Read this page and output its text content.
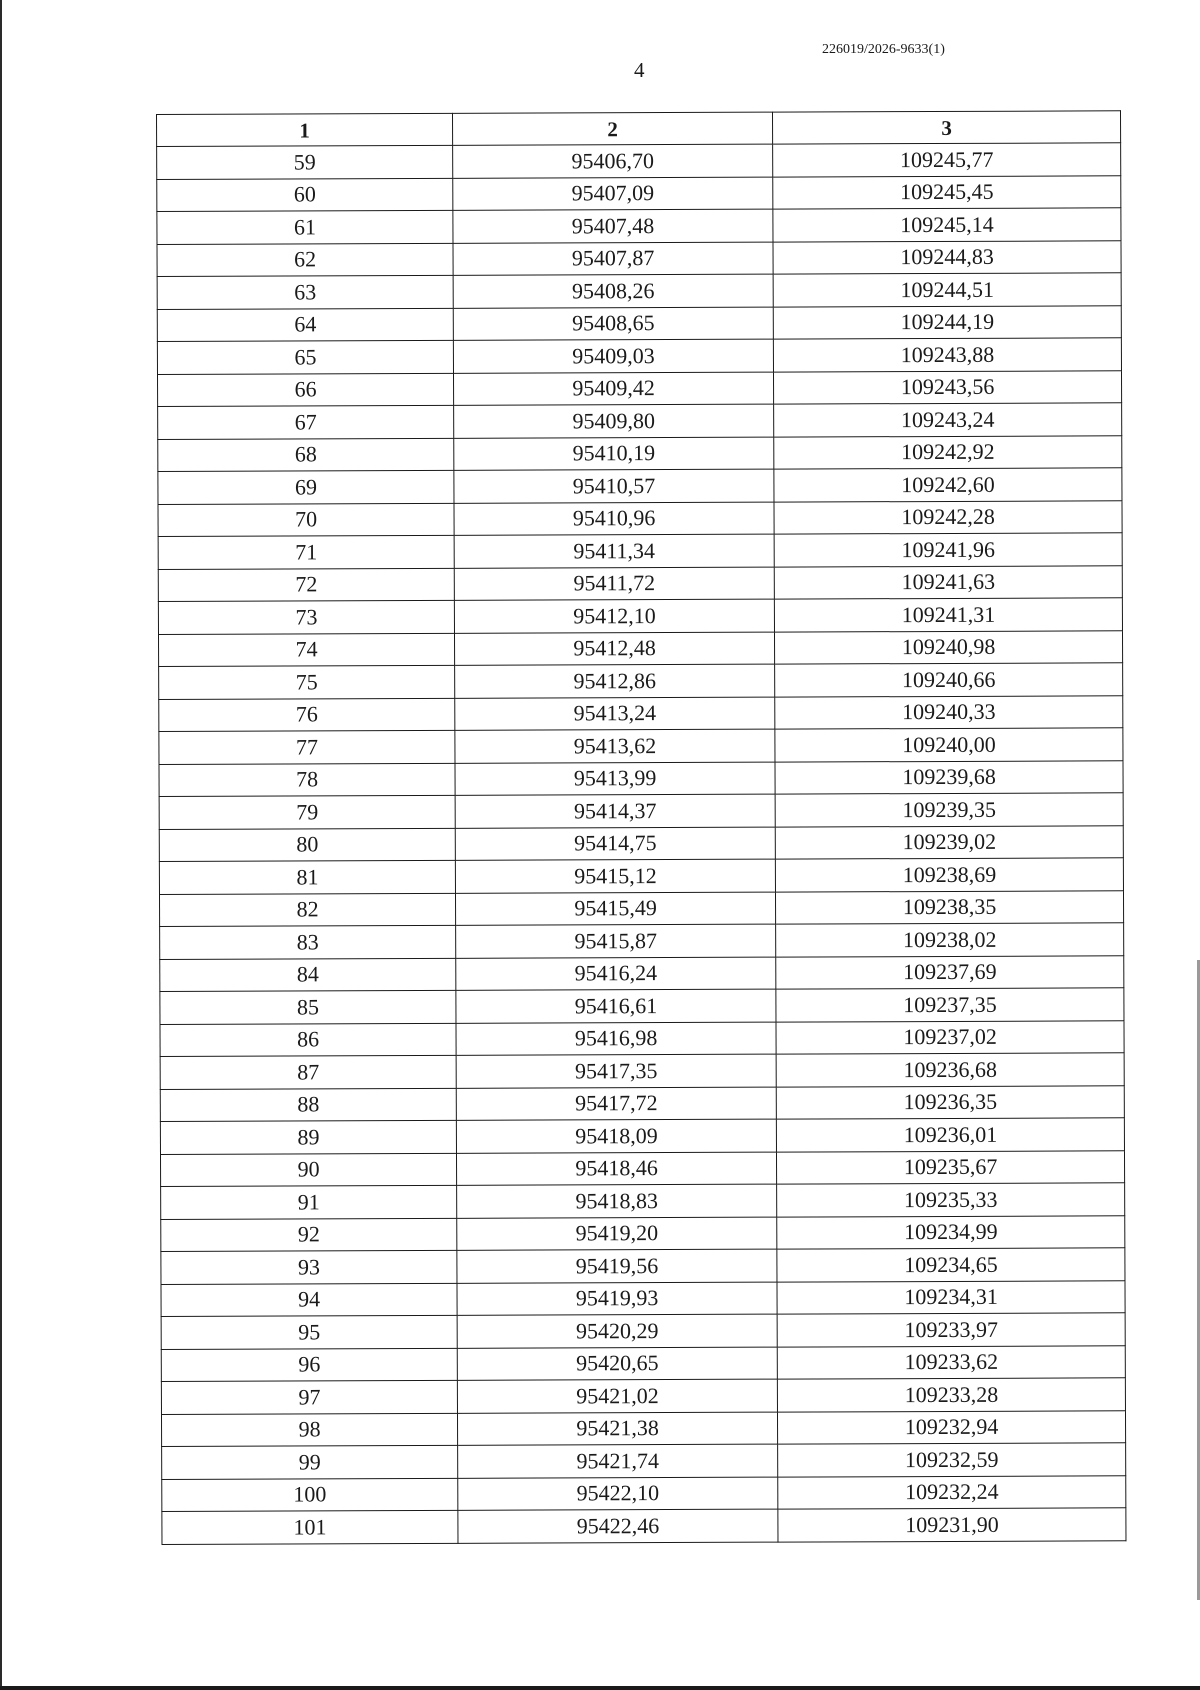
226019/2026-9633(1)
4
1	2	3
59	95406,70	109245,77
60	95407,09	109245,45
61	95407,48	109245,14
62	95407,87	109244,83
63	95408,26	109244,51
64	95408,65	109244,19
65	95409,03	109243,88
66	95409,42	109243,56
67	95409,80	109243,24
68	95410,19	109242,92
69	95410,57	109242,60
70	95410,96	109242,28
71	95411,34	109241,96
72	95411,72	109241,63
73	95412,10	109241,31
74	95412,48	109240,98
75	95412,86	109240,66
76	95413,24	109240,33
77	95413,62	109240,00
78	95413,99	109239,68
79	95414,37	109239,35
80	95414,75	109239,02
81	95415,12	109238,69
82	95415,49	109238,35
83	95415,87	109238,02
84	95416,24	109237,69
85	95416,61	109237,35
86	95416,98	109237,02
87	95417,35	109236,68
88	95417,72	109236,35
89	95418,09	109236,01
90	95418,46	109235,67
91	95418,83	109235,33
92	95419,20	109234,99
93	95419,56	109234,65
94	95419,93	109234,31
95	95420,29	109233,97
96	95420,65	109233,62
97	95421,02	109233,28
98	95421,38	109232,94
99	95421,74	109232,59
100	95422,10	109232,24
101	95422,46	109231,90
